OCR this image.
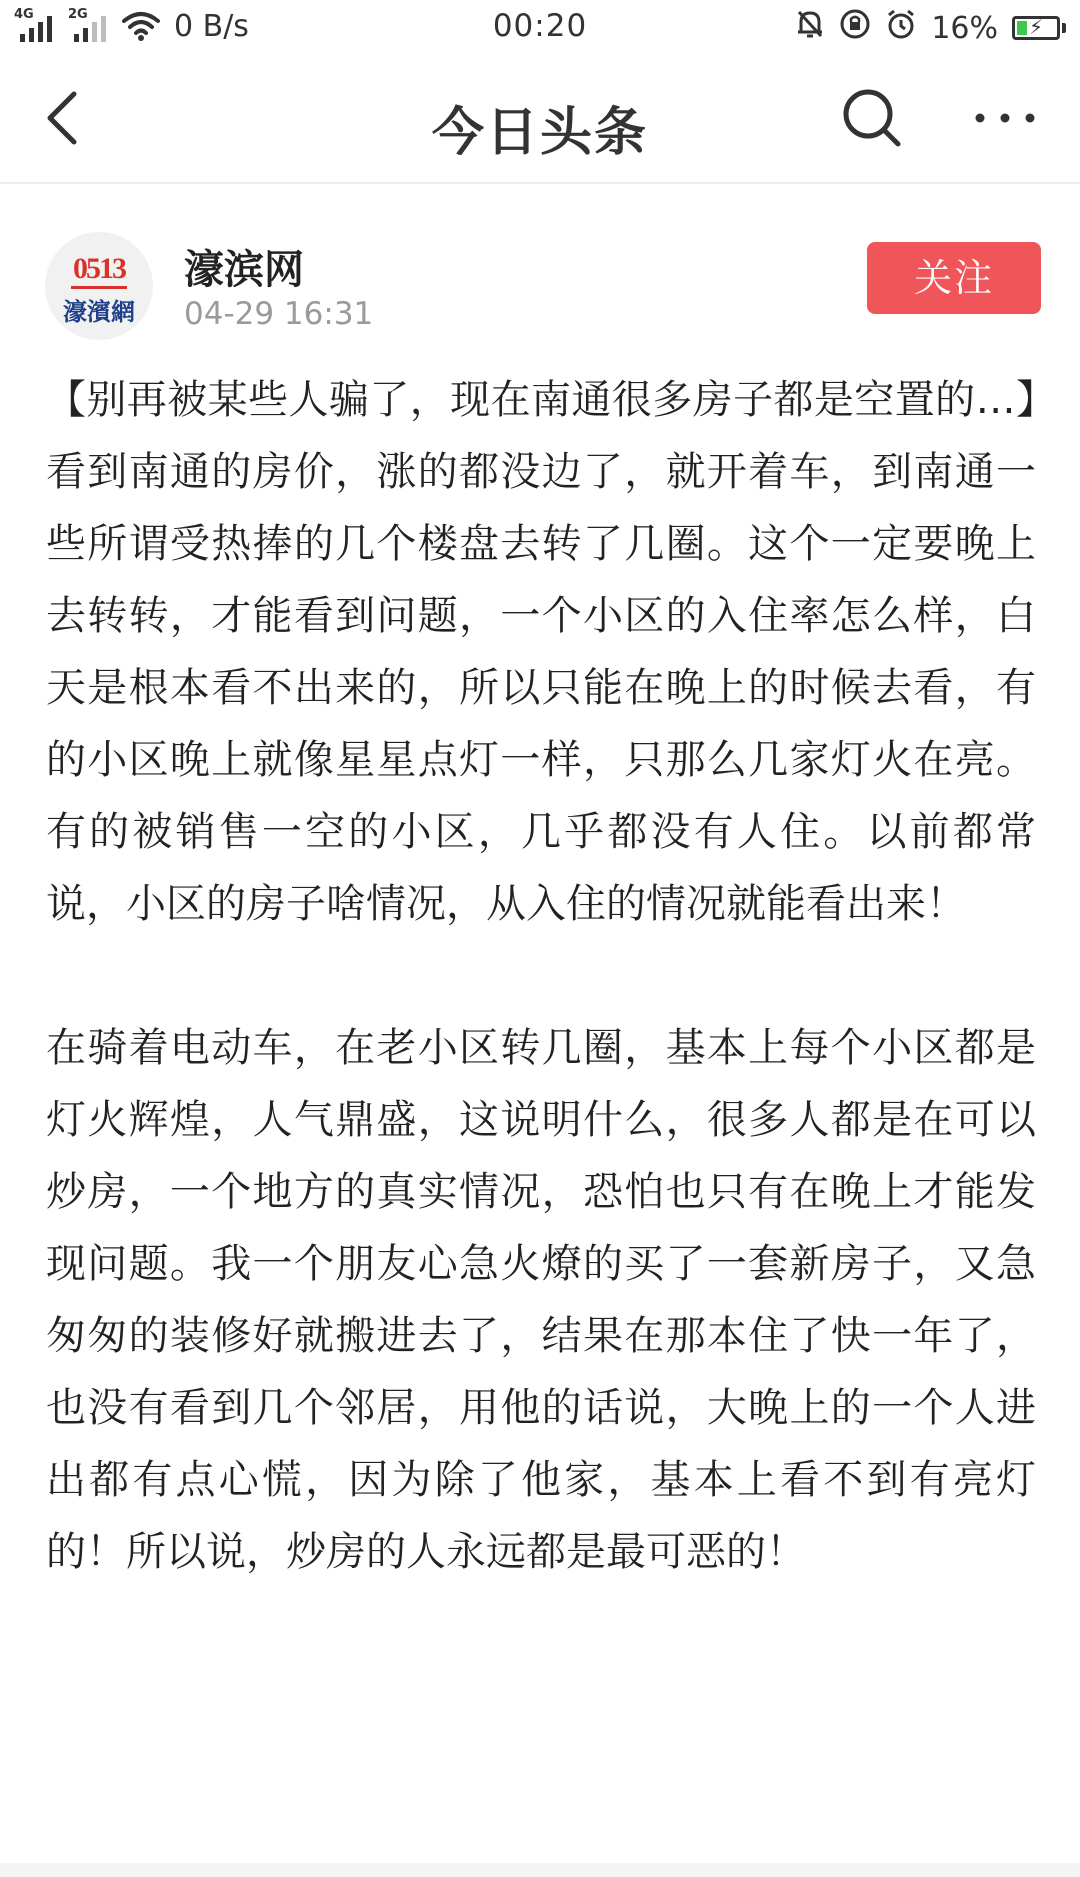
4G	2G	0 B/s	00:20	16%	⚡
今日头条
0513
濠濱網
濠滨网
04-29 16:31
关注

【别再被某些人骗了，现在南通很多房子都是空置的…】看到南通的房价，涨的都没边了，就开着车，到南通一些所谓受热捧的几个楼盘去转了几圈。这个一定要晚上去转转，才能看到问题，一个小区的入住率怎么样，白天是根本看不出来的，所以只能在晚上的时候去看，有的小区晚上就像星星点灯一样，只那么几家灯火在亮。有的被销售一空的小区，几乎都没有人住。以前都常说，小区的房子啥情况，从入住的情况就能看出来！

在骑着电动车，在老小区转几圈，基本上每个小区都是灯火辉煌，人气鼎盛，这说明什么，很多人都是在可以炒房，一个地方的真实情况，恐怕也只有在晚上才能发现问题。我一个朋友心急火燎的买了一套新房子，又急匆匆的装修好就搬进去了，结果在那本住了快一年了，也没有看到几个邻居，用他的话说，大晚上的一个人进出都有点心慌，因为除了他家，基本上看不到有亮灯的！所以说，炒房的人永远都是最可恶的！
